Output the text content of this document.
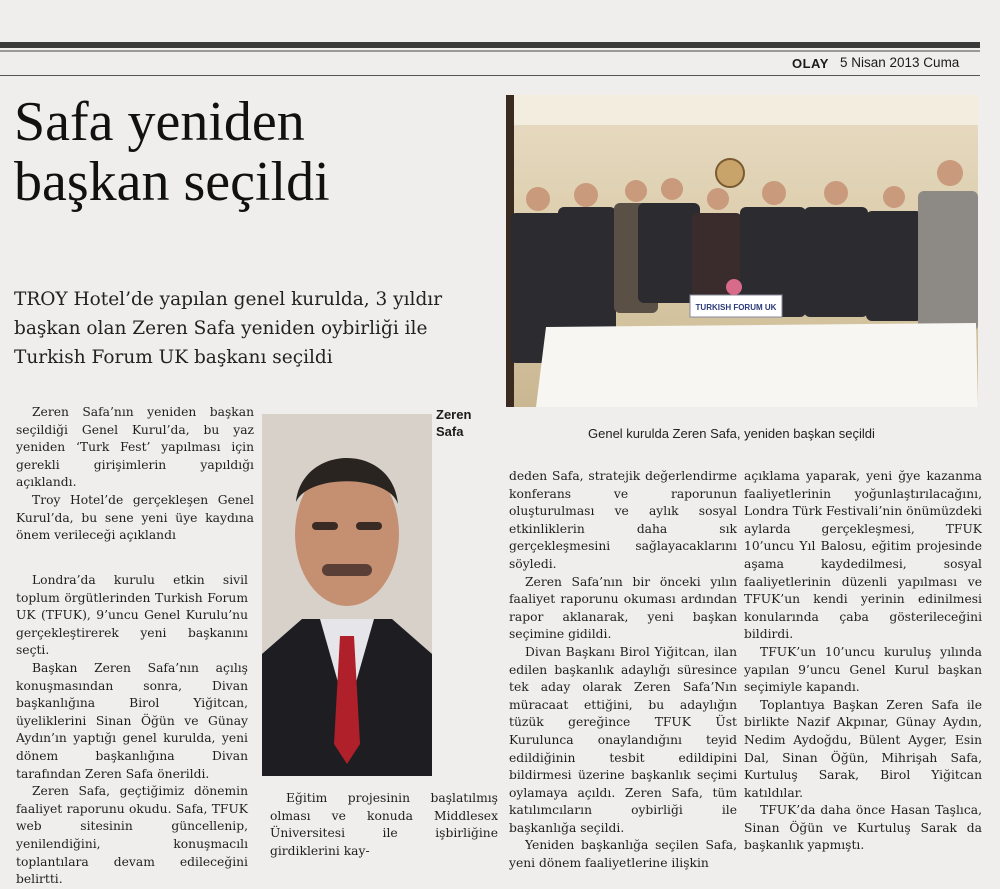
OLAY 5 Nisan 2013 Cuma
Safa yeniden
başkan seçildi

TROY Hotel’de yapılan genel kurulda, 3 yıldır başkan olan Zeren Safa yeniden oybirliği ile Turkish Forum UK başkanı seçildi

TURKISH FORUM UK
Genel kurulda Zeren Safa, yeniden başkan seçildi
Zeren
Safa

Zeren Safa’nın yeniden başkan seçildiği Genel Kurul’da, bu yaz yeniden ‘Turk Fest’ yapılması için gerekli girişimlerin yapıldığı açıklandı.

Troy Hotel’de gerçekleşen Genel Kurul’da, bu sene yeni üye kaydına önem verileceği açıklandı

Londra’da kurulu etkin sivil toplum örgütlerinden Turkish Forum UK (TFUK), 9’uncu Genel Kurulu’nu gerçekleştirerek yeni başkanını seçti.

Başkan Zeren Safa’nın açılış konuşmasından sonra, Divan başkanlığına Birol Yiğitcan, üyeliklerini Sinan Öğün ve Günay Aydın’ın yaptığı genel kurulda, yeni dönem başkanlığına Divan tarafından Zeren Safa önerildi.

Zeren Safa, geçtiğimiz dönemin faaliyet raporunu okudu. Safa, TFUK web sitesinin güncellenip, yenilendiğini, konuşmacılı toplantılara devam edileceğini belirtti.

Eğitim projesinin başlatılmış olması ve konuda Middlesex Üniversitesi ile işbirliğine girdiklerini kay-

deden Safa, stratejik değerlendirme konferans ve raporunun oluşturulması ve aylık sosyal etkinliklerin daha sık gerçekleşmesini sağlayacaklarını söyledi.

Zeren Safa’nın bir önceki yılın faaliyet raporunu okuması ardından rapor aklanarak, yeni başkan seçimine gidildi.

Divan Başkanı Birol Yiğitcan, ilan edilen başkanlık adaylığı süresince tek aday olarak Zeren Safa’Nın müracaat ettiğini, bu adaylığın tüzük gereğince TFUK Üst Kurulunca onaylandığını teyid edildiğinin tesbit edildipini bildirmesi üzerine başkanlık seçimi oylamaya açıldı. Zeren Safa, tüm katılımcıların oybirliği ile başkanlığa seçildi.

Yeniden başkanlığa seçilen Safa, yeni dönem faaliyetlerine ilişkin

açıklama yaparak, yeni ğye kazanma faaliyetlerinin yoğunlaştırılacağını, Londra Türk Festivali’nin önümüzdeki aylarda gerçekleşmesi, TFUK 10’uncu Yıl Balosu, eğitim projesinde aşama kaydedilmesi, sosyal faaliyetlerinin düzenli yapılması ve TFUK’un kendi yerinin edinilmesi konularında çaba gösterileceğini bildirdi.

TFUK’un 10’uncu kuruluş yılında yapılan 9’uncu Genel Kurul başkan seçimiyle kapandı.

Toplantıya Başkan Zeren Safa ile birlikte Nazif Akpınar, Günay Aydın, Nedim Aydoğdu, Bülent Ayger, Esin Dal, Sinan Öğün, Mihrişah Safa, Kurtuluş Sarak, Birol Yiğitcan katıldılar.

TFUK’da daha önce Hasan Taşlıca, Sinan Öğün ve Kurtuluş Sarak da başkanlık yapmıştı.
